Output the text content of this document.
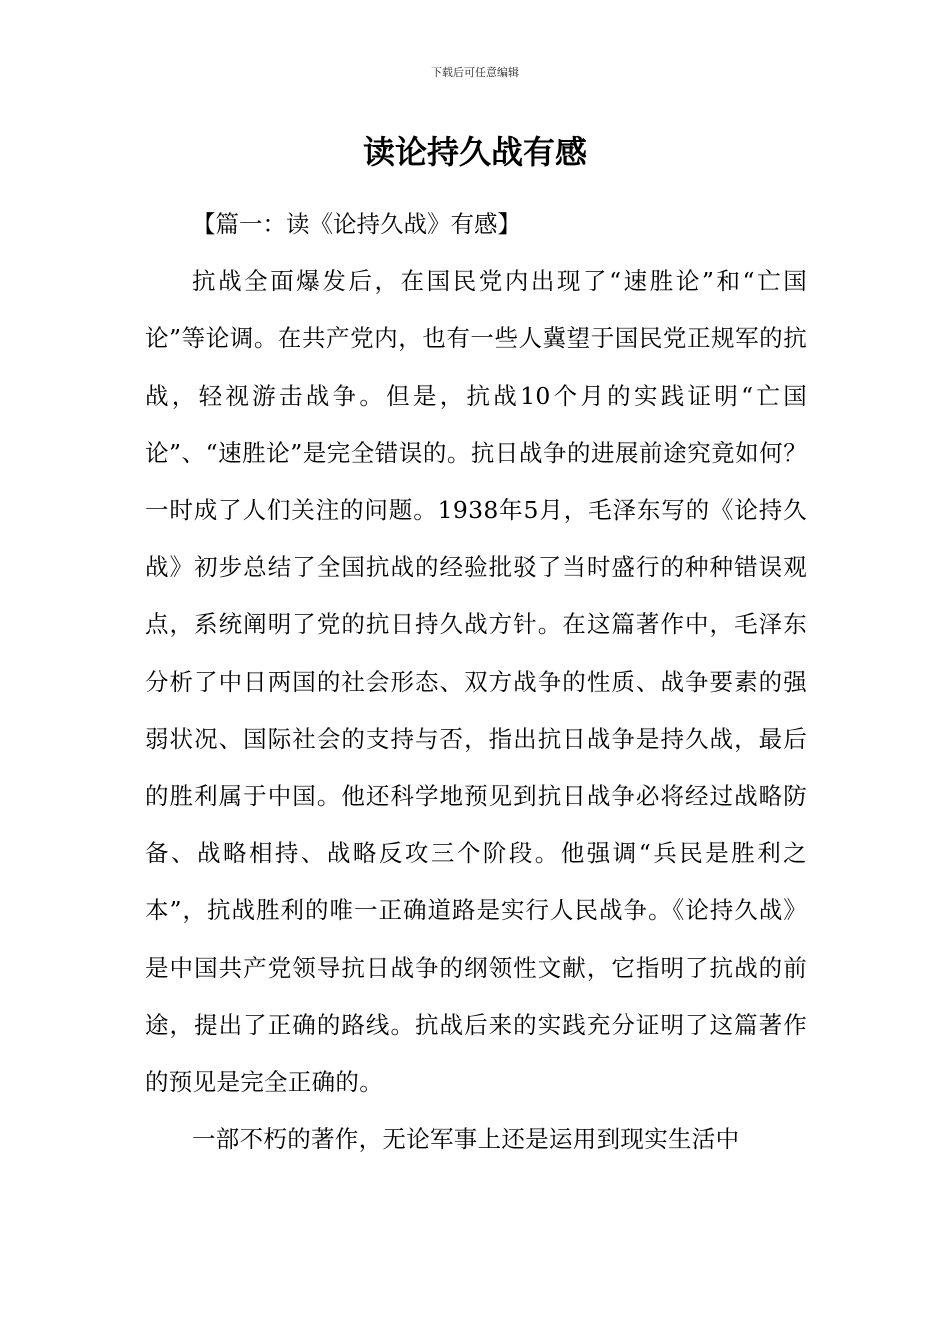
下载后可任意编辑
读论持久战有感
【篇一：读《论持久战》有感】

抗战全面爆发后，在国民党内出现了“速胜论”和“亡国论”等论调。在共产党内，也有一些人冀望于国民党正规军的抗战，轻视游击战争。但是，抗战10个月的实践证明“亡国论”、“速胜论”是完全错误的。抗日战争的进展前途究竟如何？一时成了人们关注的问题。1938年5月，毛泽东写的《论持久战》初步总结了全国抗战的经验批驳了当时盛行的种种错误观点，系统阐明了党的抗日持久战方针。在这篇著作中，毛泽东分析了中日两国的社会形态、双方战争的性质、战争要素的强弱状况、国际社会的支持与否，指出抗日战争是持久战，最后的胜利属于中国。他还科学地预见到抗日战争必将经过战略防备、战略相持、战略反攻三个阶段。他强调“兵民是胜利之本”，抗战胜利的唯一正确道路是实行人民战争。《论持久战》是中国共产党领导抗日战争的纲领性文献，它指明了抗战的前途，提出了正确的路线。抗战后来的实践充分证明了这篇著作的预见是完全正确的。

一部不朽的著作，无论军事上还是运用到现实生活中
